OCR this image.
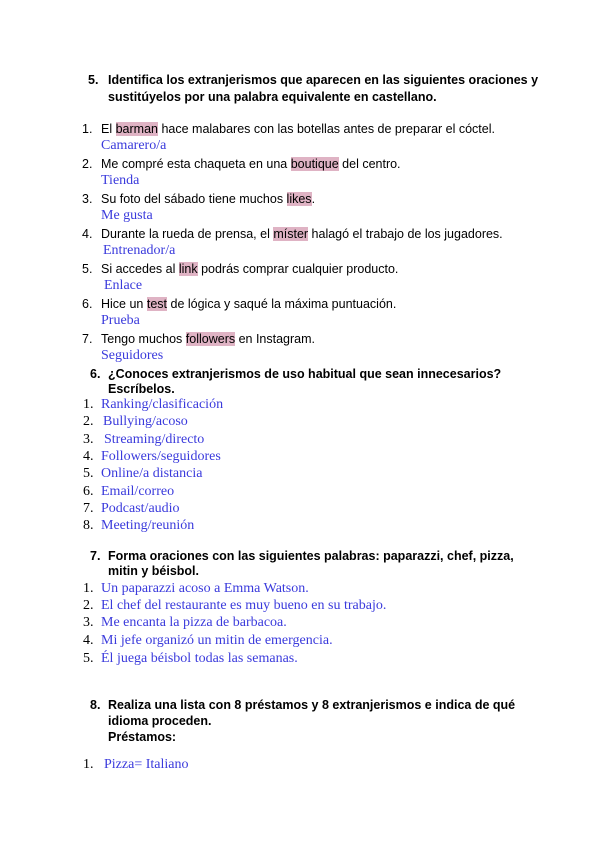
5. Identifica los extranjerismos que aparecen en las siguientes oraciones y
sustitúyelos por una palabra equivalente en castellano.
1. El barman hace malabares con las botellas antes de preparar el cóctel.
Camarero/a
2. Me compré esta chaqueta en una boutique del centro.
Tienda
3. Su foto del sábado tiene muchos likes.
Me gusta
4. Durante la rueda de prensa, el míster halagó el trabajo de los jugadores.
Entrenador/a
5. Si accedes al link podrás comprar cualquier producto.
Enlace
6. Hice un test de lógica y saqué la máxima puntuación.
Prueba
7. Tengo muchos followers en Instagram.
Seguidores
6. ¿Conoces extranjerismos de uso habitual que sean innecesarios?
Escríbelos.
1. Ranking/clasificación
2. Bullying/acoso
3. Streaming/directo
4. Followers/seguidores
5. Online/a distancia
6. Email/correo
7. Podcast/audio
8. Meeting/reunión
7. Forma oraciones con las siguientes palabras: paparazzi, chef, pizza,
mitin y béisbol.
1. Un paparazzi acoso a Emma Watson.
2. El chef del restaurante es muy bueno en su trabajo.
3. Me encanta la pizza de barbacoa.
4. Mi jefe organizó un mitin de emergencia.
5. Él juega béisbol todas las semanas.
8. Realiza una lista con 8 préstamos y 8 extranjerismos e indica de qué
idioma proceden.
Préstamos:
1. Pizza= Italiano
